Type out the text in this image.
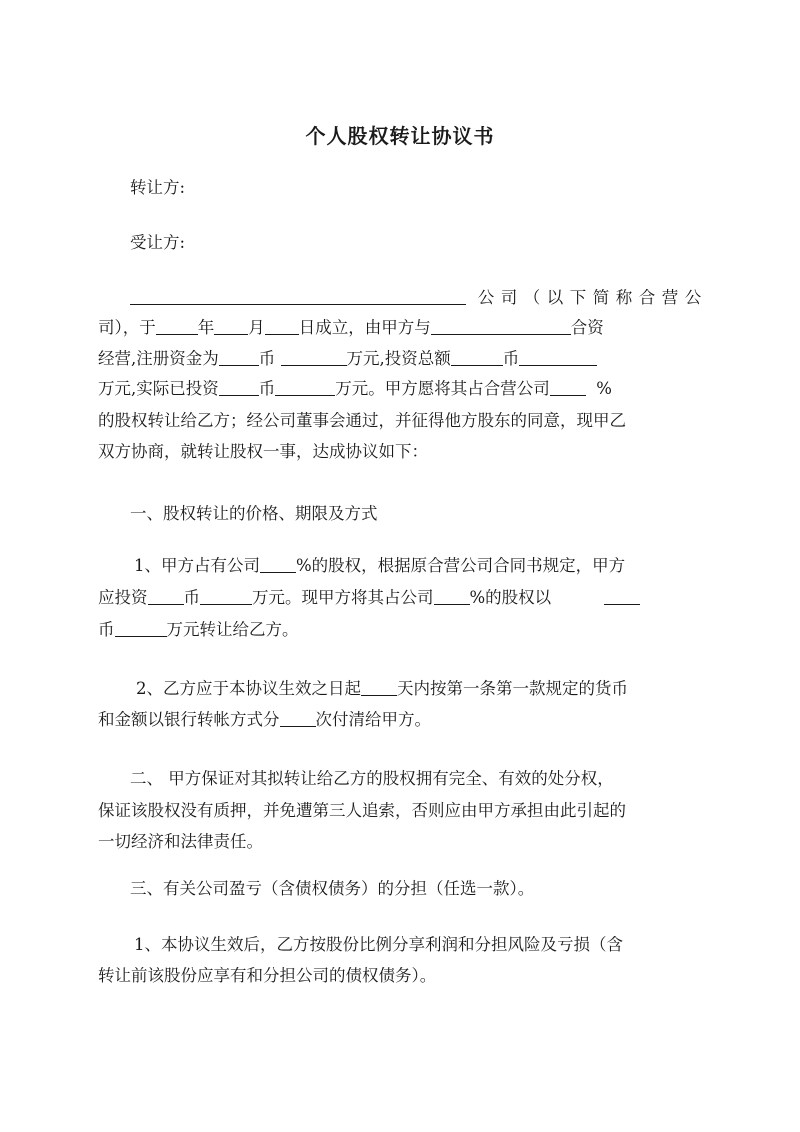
个人股权转让协议书
转让方:
受让方:
公司（以下简称合营公
司），于	年 月 日成立，由甲方与	合资
经营,注册资金为 币	万元,投资总额	币
万元,实际已投资 币	万元。甲方愿将其占合营公司	%
的股权转让给乙方；经公司董事会通过，并征得他方股东的同意，现甲乙
双方协商，就转让股权一事，达成协议如下：
一、股权转让的价格、期限及方式
1、甲方占有公司 %的股权，根据原合营公司合同书规定，甲方
应投资 币	万元。现甲方将其占公司 %的股权以
币	万元转让给乙方。
2、乙方应于本协议生效之日起 天内按第一条第一款规定的货币
和金额以银行转帐方式分 次付清给甲方。
二、 甲方保证对其拟转让给乙方的股权拥有完全、有效的处分权，
保证该股权没有质押，并免遭第三人追索，否则应由甲方承担由此引起的
一切经济和法律责任。
三、有关公司盈亏（含债权债务）的分担（任选一款）。
1、本协议生效后，乙方按股份比例分享利润和分担风险及亏损（含
转让前该股份应享有和分担公司的债权债务）。
